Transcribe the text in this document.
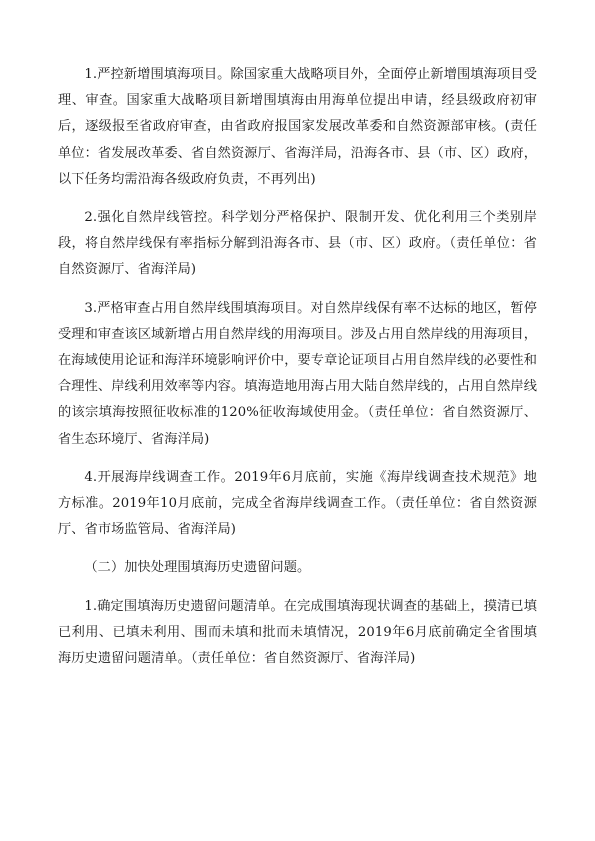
1.严控新增围填海项目。除国家重大战略项目外，全面停止新增围填海项目受理、审查。国家重大战略项目新增围填海由用海单位提出申请，经县级政府初审后，逐级报至省政府审查，由省政府报国家发展改革委和自然资源部审核。(责任单位：省发展改革委、省自然资源厅、省海洋局，沿海各市、县（市、区）政府，以下任务均需沿海各级政府负责，不再列出)

2.强化自然岸线管控。科学划分严格保护、限制开发、优化利用三个类别岸段，将自然岸线保有率指标分解到沿海各市、县（市、区）政府。（责任单位：省自然资源厅、省海洋局)

3.严格审查占用自然岸线围填海项目。对自然岸线保有率不达标的地区，暂停受理和审查该区域新增占用自然岸线的用海项目。涉及占用自然岸线的用海项目，在海域使用论证和海洋环境影响评价中，要专章论证项目占用自然岸线的必要性和合理性、岸线利用效率等内容。填海造地用海占用大陆自然岸线的，占用自然岸线的该宗填海按照征收标准的120%征收海域使用金。（责任单位：省自然资源厅、省生态环境厅、省海洋局)

4.开展海岸线调查工作。2019年6月底前，实施《海岸线调查技术规范》地方标准。2019年10月底前，完成全省海岸线调查工作。（责任单位：省自然资源厅、省市场监管局、省海洋局)

（二）加快处理围填海历史遗留问题。

1.确定围填海历史遗留问题清单。在完成围填海现状调查的基础上，摸清已填已利用、已填未利用、围而未填和批而未填情况，2019年6月底前确定全省围填海历史遗留问题清单。（责任单位：省自然资源厅、省海洋局)
